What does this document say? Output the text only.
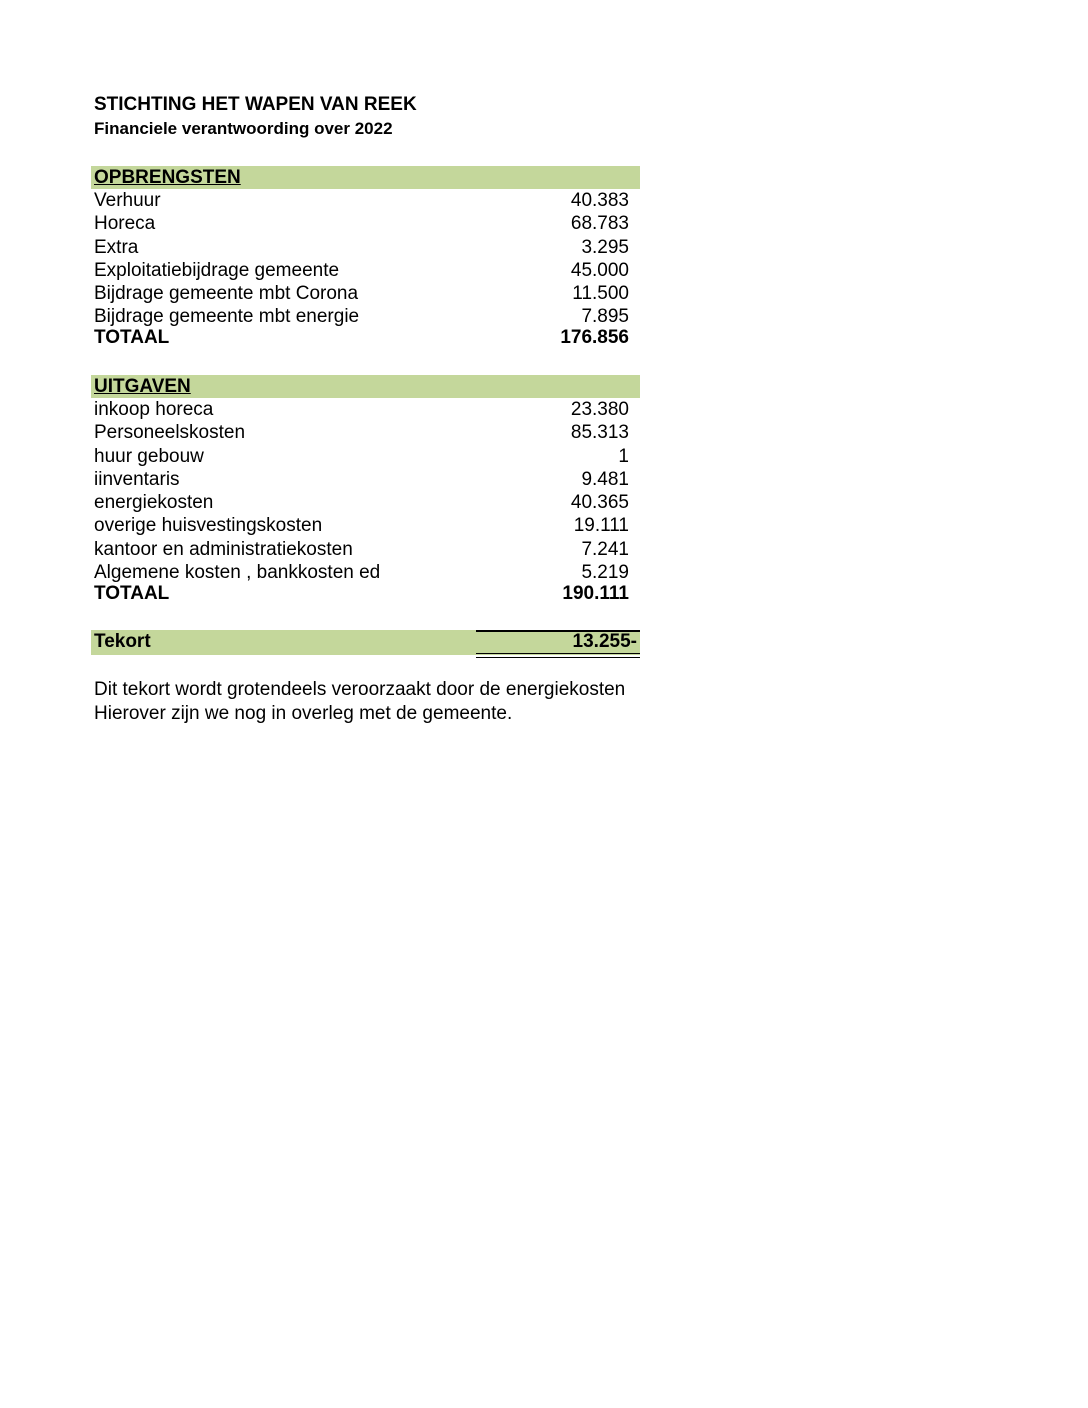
STICHTING HET WAPEN VAN REEK
Financiele verantwoording over 2022
OPBRENGSTEN
Verhuur	40.383
Horeca	68.783
Extra	3.295
Exploitatiebijdrage gemeente	45.000
Bijdrage gemeente mbt Corona	11.500
Bijdrage gemeente mbt energie	7.895
TOTAAL	176.856
UITGAVEN
inkoop horeca	23.380
Personeelskosten	85.313
huur gebouw	1
iinventaris	9.481
energiekosten	40.365
overige huisvestingskosten	19.111
kantoor en administratiekosten	7.241
Algemene kosten , bankkosten ed	5.219
TOTAAL	190.111
Tekort	13.255-
Dit tekort wordt grotendeels veroorzaakt door de energiekosten
Hierover zijn we nog in overleg met de gemeente.
